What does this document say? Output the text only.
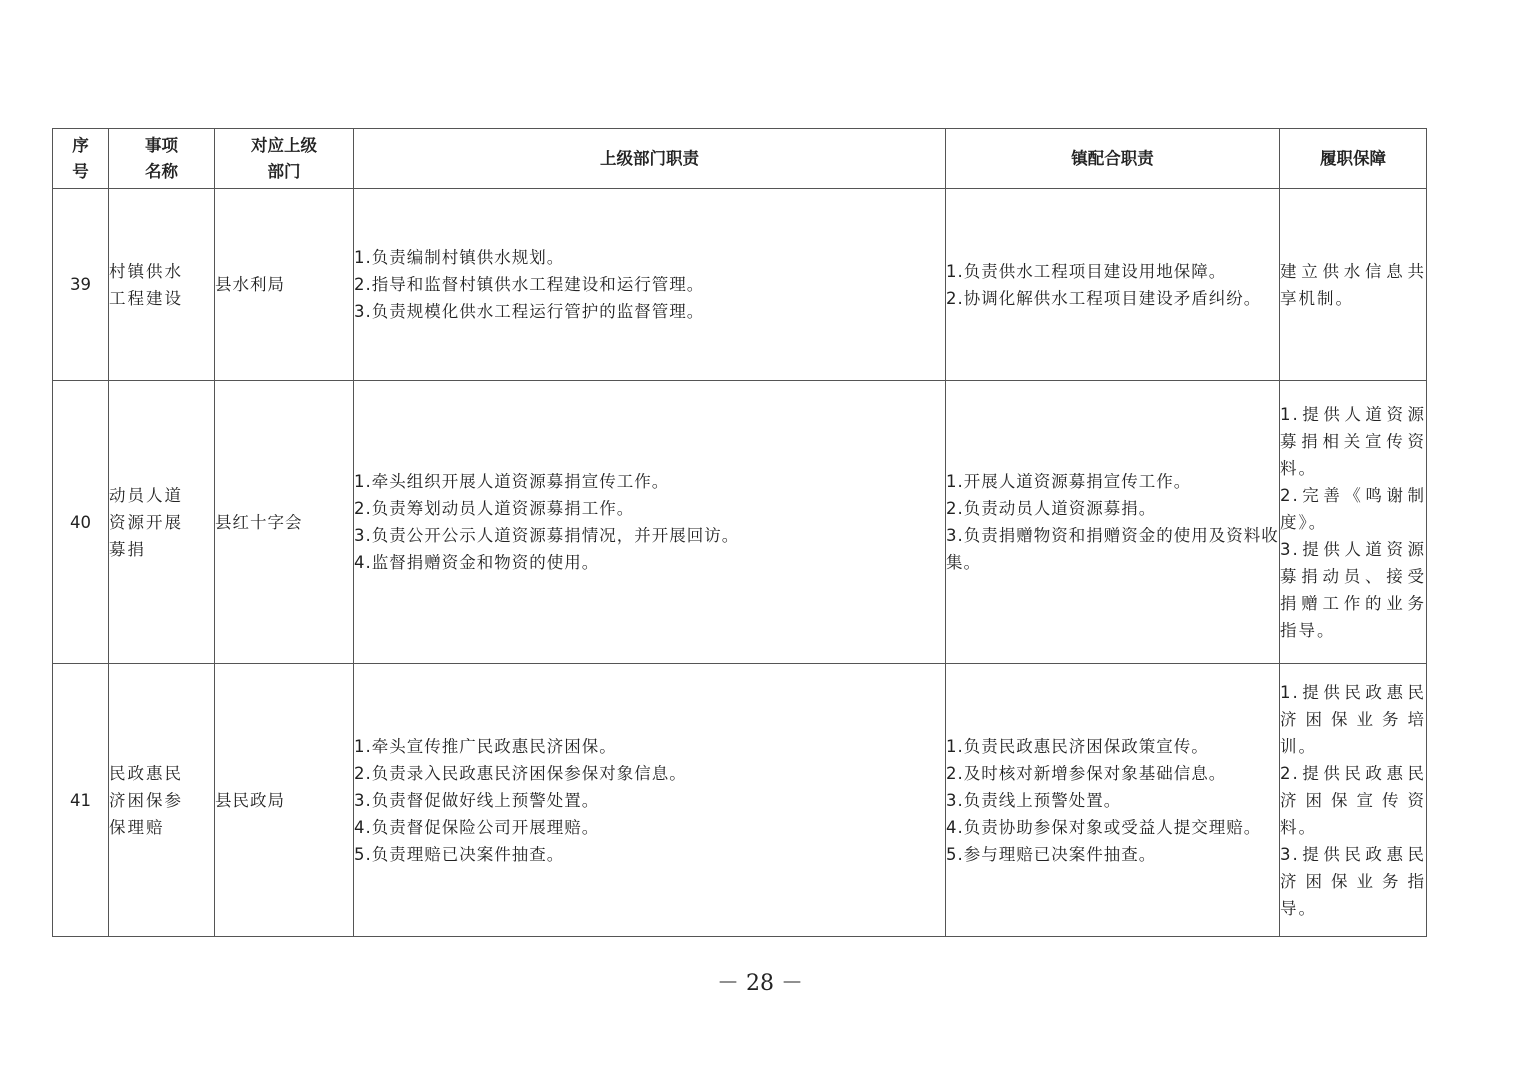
序
号	事项
名称	对应上级
部门	上级部门职责	镇配合职责	履职保障
39	村镇供水
工程建设	县水利局	1.负责编制村镇供水规划。
2.指导和监督村镇供水工程建设和运行管理。
3.负责规模化供水工程运行管护的监督管理。	1.负责供水工程项目建设用地保障。
2.协调化解供水工程项目建设矛盾纠纷。	建立供水信息共享机制。

40	动员人道
资源开展
募捐	县红十字会	1.牵头组织开展人道资源募捐宣传工作。
2.负责筹划动员人道资源募捐工作。
3.负责公开公示人道资源募捐情况，并开展回访。
4.监督捐赠资金和物资的使用。	1.开展人道资源募捐宣传工作。
2.负责动员人道资源募捐。
3.负责捐赠物资和捐赠资金的使用及资料收集。	1.提供人道资源募捐相关宣传资料。
2.完善《鸣谢制度》。
3.提供人道资源募捐动员、接受捐赠工作的业务指导。

41	民政惠民
济困保参
保理赔	县民政局	1.牵头宣传推广民政惠民济困保。
2.负责录入民政惠民济困保参保对象信息。
3.负责督促做好线上预警处置。
4.负责督促保险公司开展理赔。
5.负责理赔已决案件抽查。	1.负责民政惠民济困保政策宣传。
2.及时核对新增参保对象基础信息。
3.负责线上预警处置。
4.负责协助参保对象或受益人提交理赔。
5.参与理赔已决案件抽查。	1.提供民政惠民济困保业务培训。
2.提供民政惠民济困保宣传资料。
3.提供民政惠民济困保业务指导。
－ 28 －
